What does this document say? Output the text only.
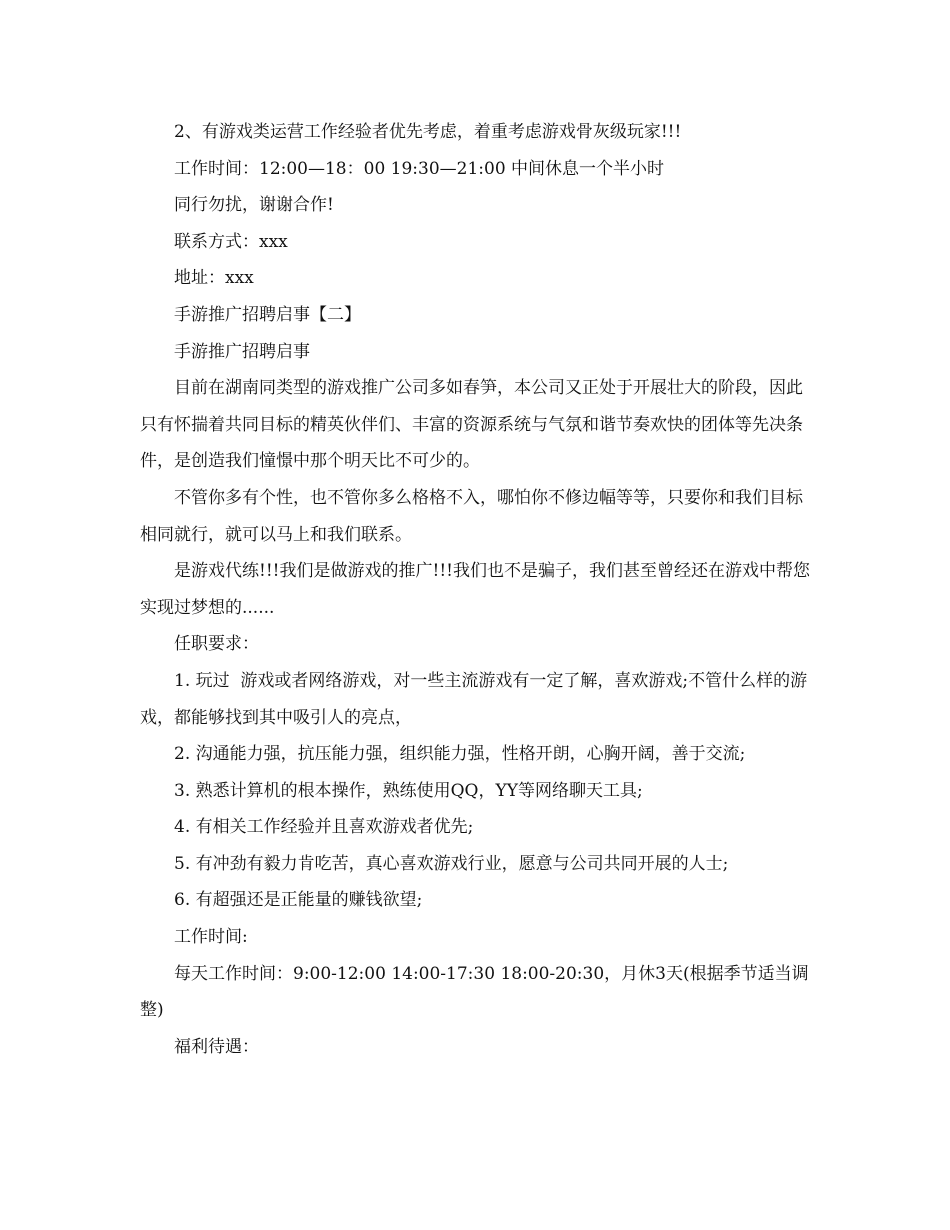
2、有游戏类运营工作经验者优先考虑，着重考虑游戏骨灰级玩家!!!

工作时间：12:00—18：00 19:30—21:00 中间休息一个半小时

同行勿扰，谢谢合作!

联系方式：xxx

地址：xxx

手游推广招聘启事【二】

手游推广招聘启事

目前在湖南同类型的游戏推广公司多如春笋，本公司又正处于开展壮大的阶段，因此只有怀揣着共同目标的精英伙伴们、丰富的资源系统与气氛和谐节奏欢快的团体等先决条件，是创造我们憧憬中那个明天比不可少的。

不管你多有个性，也不管你多么格格不入，哪怕你不修边幅等等，只要你和我们目标相同就行，就可以马上和我们联系。

是游戏代练!!!我们是做游戏的推广!!!我们也不是骗子，我们甚至曾经还在游戏中帮您实现过梦想的......

任职要求：

1. 玩过  游戏或者网络游戏，对一些主流游戏有一定了解，喜欢游戏;不管什么样的游戏，都能够找到其中吸引人的亮点，

2. 沟通能力强，抗压能力强，组织能力强，性格开朗，心胸开阔，善于交流;

3. 熟悉计算机的根本操作，熟练使用QQ，YY等网络聊天工具;

4. 有相关工作经验并且喜欢游戏者优先;

5. 有冲劲有毅力肯吃苦，真心喜欢游戏行业，愿意与公司共同开展的人士;

6. 有超强还是正能量的赚钱欲望;

工作时间:

每天工作时间：9:00-12:00 14:00-17:30 18:00-20:30，月休3天(根据季节适当调整)

福利待遇：
